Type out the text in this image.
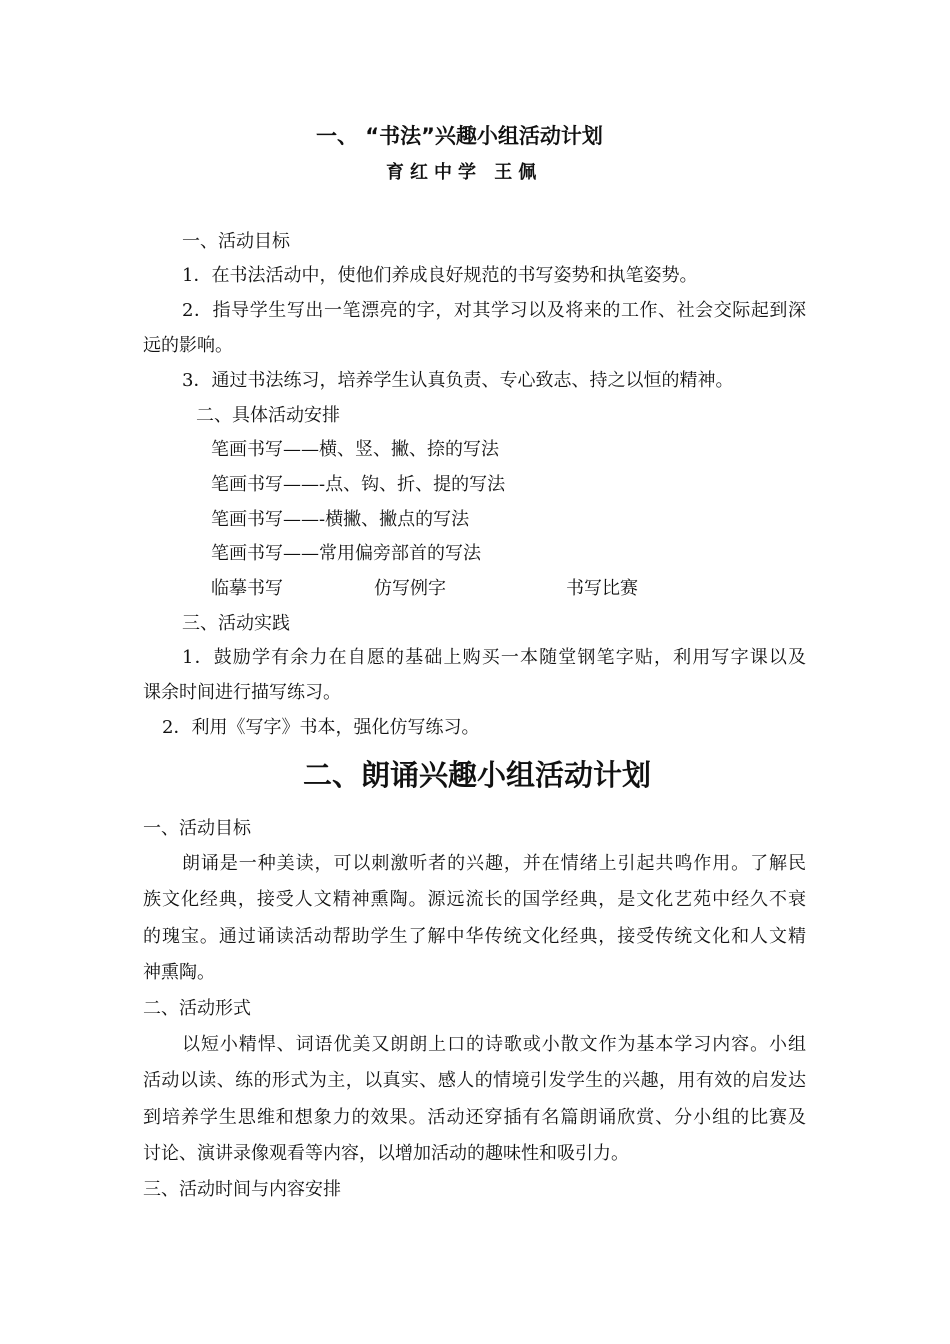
一、 “书法”兴趣小组活动计划
育红中学 王佩
一、活动目标
1．在书法活动中，使他们养成良好规范的书写姿势和执笔姿势。
2．指导学生写出一笔漂亮的字，对其学习以及将来的工作、社会交际起到深
远的影响。
3．通过书法练习，培养学生认真负责、专心致志、持之以恒的精神。
二、具体活动安排
笔画书写——横、竖、撇、捺的写法
笔画书写——-点、钩、折、提的写法
笔画书写——-横撇、撇点的写法
笔画书写——常用偏旁部首的写法
临摹书写	仿写例字	书写比赛
三、活动实践
1．鼓励学有余力在自愿的基础上购买一本随堂钢笔字贴，利用写字课以及
课余时间进行描写练习。
2．利用《写字》书本，强化仿写练习。
二、朗诵兴趣小组活动计划
一、活动目标
朗诵是一种美读，可以刺激听者的兴趣，并在情绪上引起共鸣作用。了解民
族文化经典，接受人文精神熏陶。源远流长的国学经典，是文化艺苑中经久不衰
的瑰宝。通过诵读活动帮助学生了解中华传统文化经典，接受传统文化和人文精
神熏陶。
二、活动形式
以短小精悍、词语优美又朗朗上口的诗歌或小散文作为基本学习内容。小组
活动以读、练的形式为主，以真实、感人的情境引发学生的兴趣，用有效的启发达
到培养学生思维和想象力的效果。活动还穿插有名篇朗诵欣赏、分小组的比赛及
讨论、演讲录像观看等内容，以增加活动的趣味性和吸引力。
三、活动时间与内容安排
